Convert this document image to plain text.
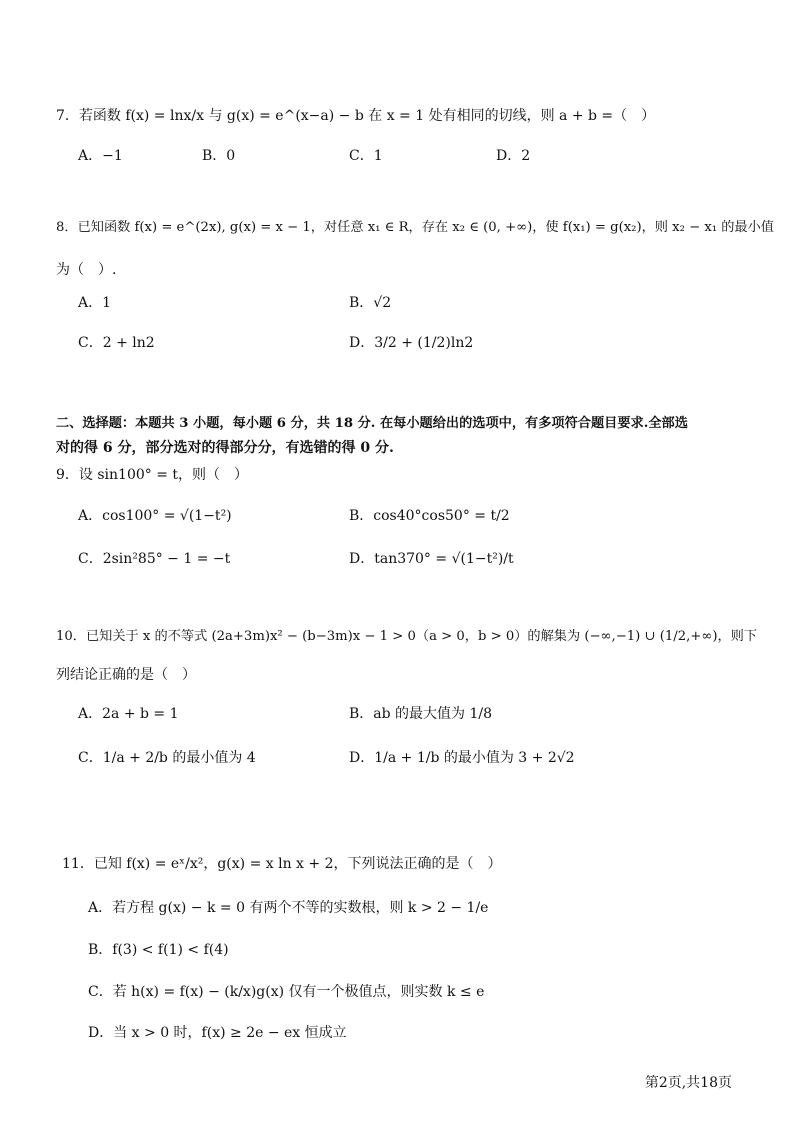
7．若函数 f(x) = lnx/x 与 g(x) = e^(x−a) − b 在 x = 1 处有相同的切线，则 a + b =（　）
A．−1	B．0	C．1	D．2
8．已知函数 f(x) = e^(2x), g(x) = x − 1，对任意 x₁ ∈ R，存在 x₂ ∈ (0, +∞)，使 f(x₁) = g(x₂)，则 x₂ − x₁ 的最小值
为（　）.
A．1	B．√2
C．2 + ln2	D．3/2 + (1/2)ln2
二、选择题：本题共 3 小题，每小题 6 分，共 18 分. 在每小题给出的选项中，有多项符合题目要求.全部选
对的得 6 分，部分选对的得部分分，有选错的得 0 分.
9．设 sin100° = t，则（　）
A．cos100° = √(1−t²)	B．cos40°cos50° = t/2
C．2sin²85° − 1 = −t	D．tan370° = √(1−t²)/t
10．已知关于 x 的不等式 (2a+3m)x² − (b−3m)x − 1 > 0（a > 0，b > 0）的解集为 (−∞,−1) ∪ (1/2,+∞)，则下
列结论正确的是（　）
A．2a + b = 1	B．ab 的最大值为 1/8
C．1/a + 2/b 的最小值为 4	D．1/a + 1/b 的最小值为 3 + 2√2
11．已知 f(x) = eˣ/x²，g(x) = x ln x + 2，下列说法正确的是（　）
A．若方程 g(x) − k = 0 有两个不等的实数根，则 k > 2 − 1/e
B．f(3) < f(1) < f(4)
C．若 h(x) = f(x) − (k/x)g(x) 仅有一个极值点，则实数 k ≤ e
D．当 x > 0 时，f(x) ≥ 2e − ex 恒成立
第2页,共18页
